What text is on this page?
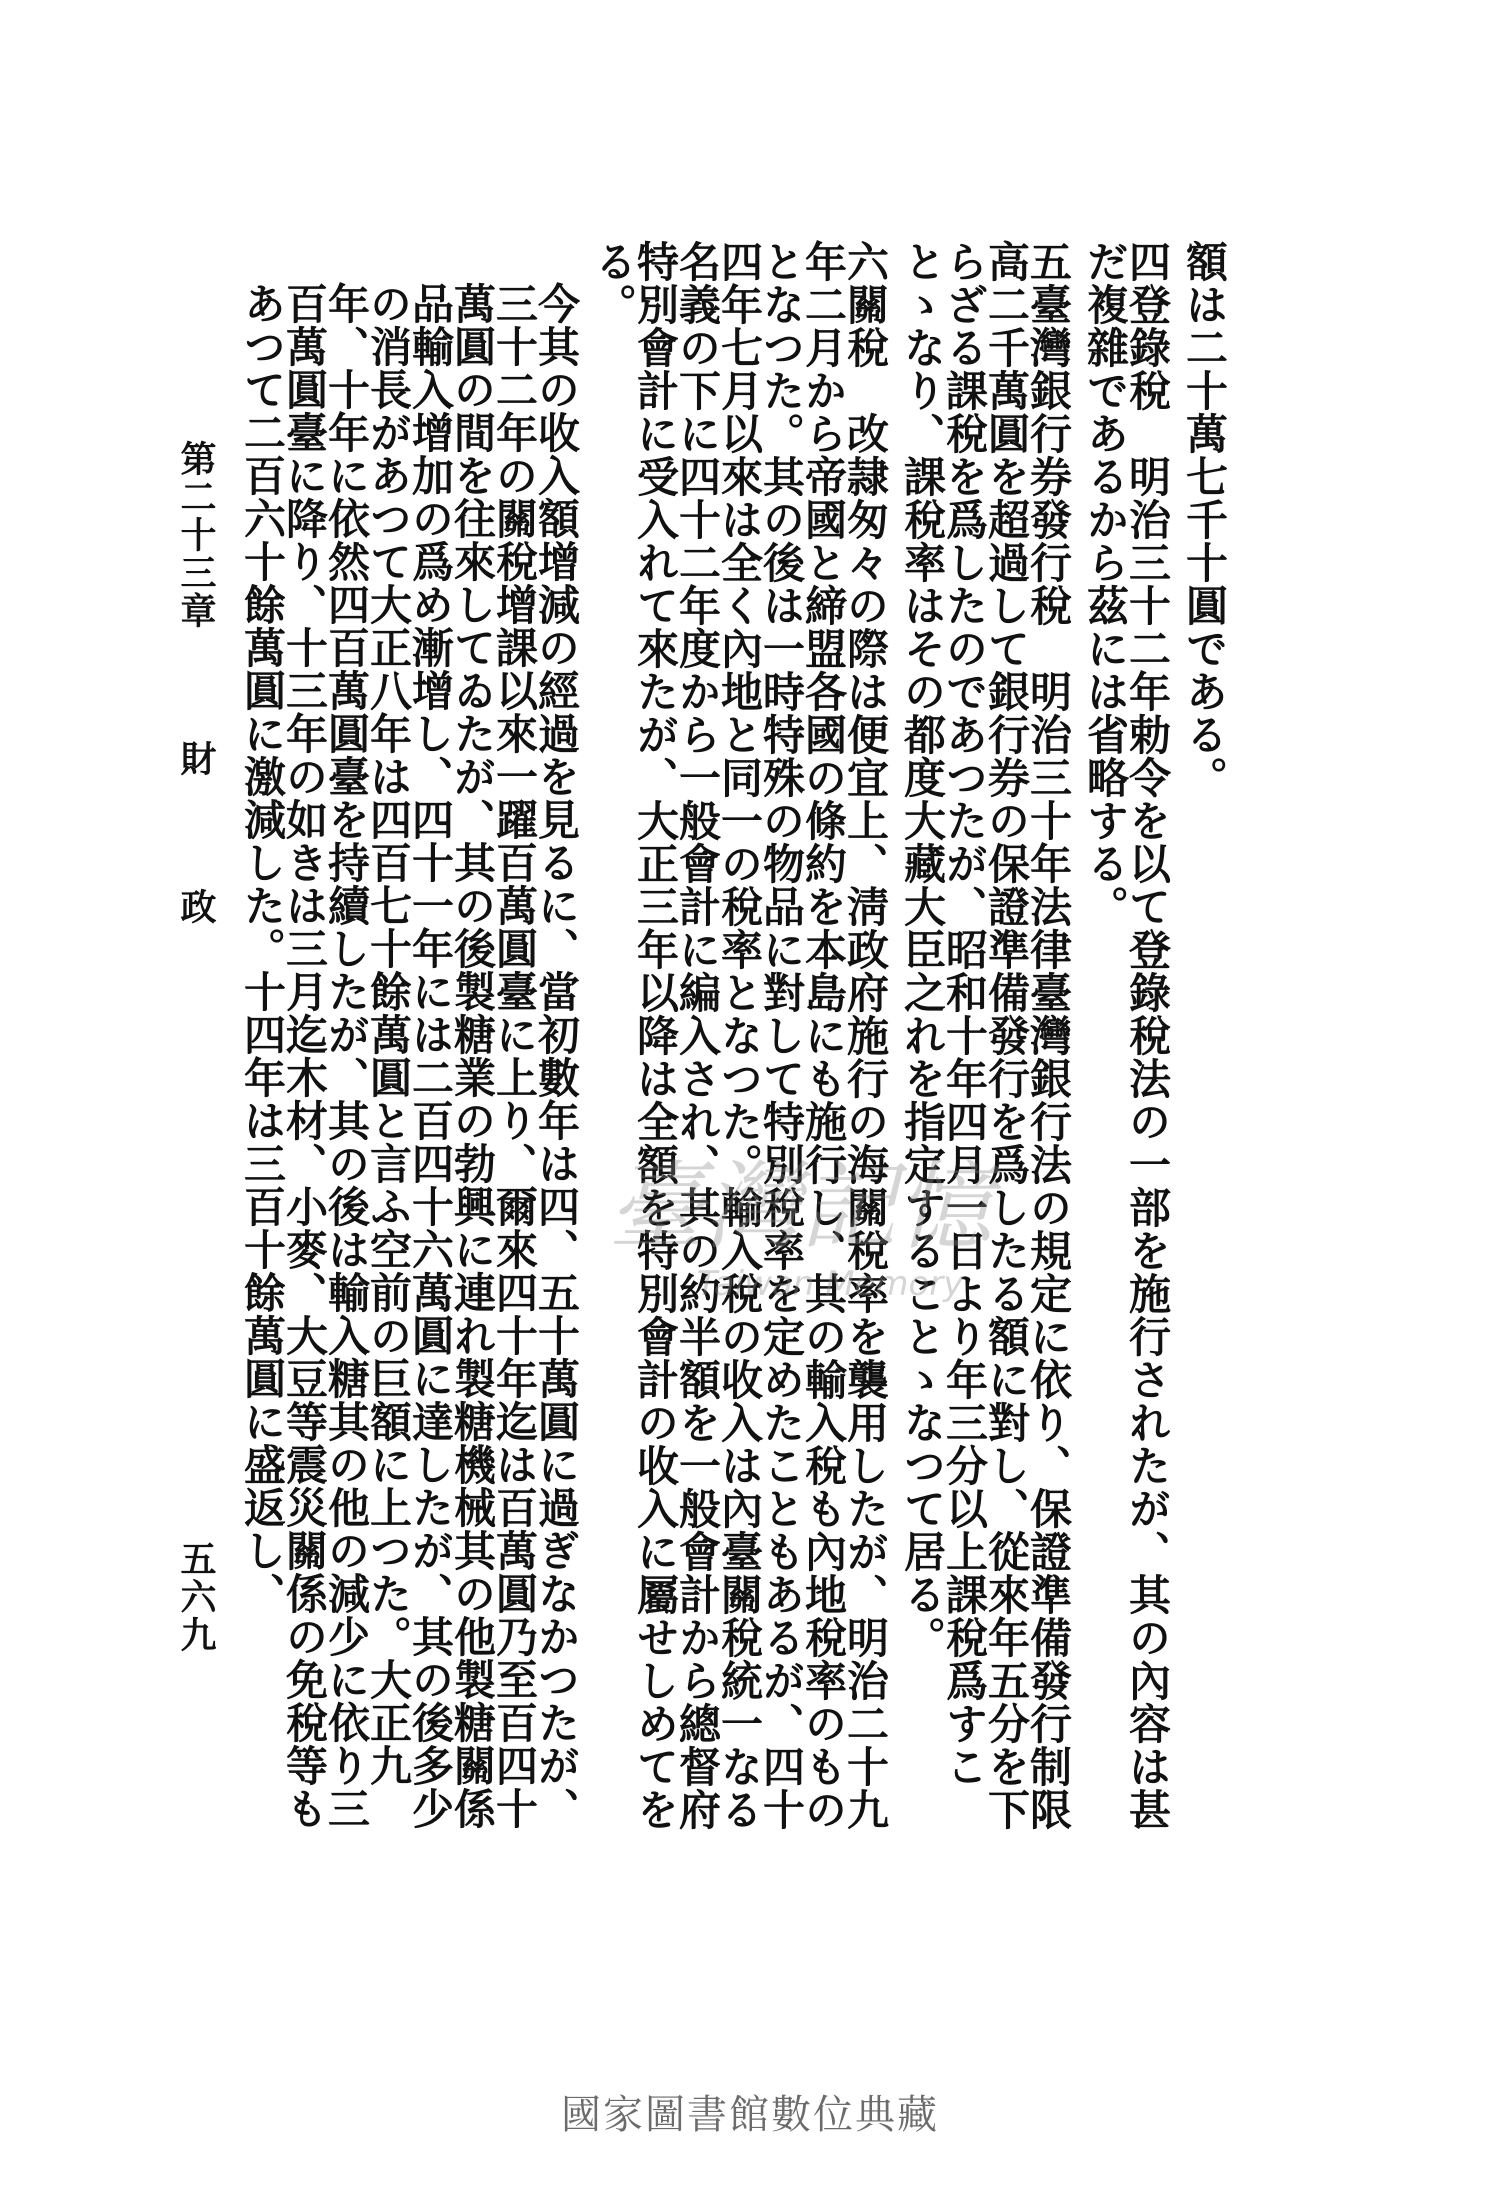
額は二十萬七千十圓である。

四登錄稅　明治三十二年勅令を以て登錄稅法の一部を施行されたが、其の內容は甚だ複雜であるから茲には省略する。

五臺灣銀行券發行稅　明治三十年法律臺灣銀行法の規定に依り、保證準備發行制限高二千萬圓を超過して銀行券の保證準備發行を爲したる額に對し、從來年五分を下らざる課稅を爲したのであつたが、昭和十年四月一日より年三分以上課稅爲すことゝなり、課稅率はその都度大藏大臣之れを指定することゝなつて居る。

六關稅　改隷匆々の際は便宜上、淸政府施行の海關稅率を襲用したが、明治二十九年二月から帝國と締盟各國の條約を本島にも施行し、其の輸入稅も內地稅率のものとなつた。其の後は一時特殊の物品に對して特別稅率を定めたこともあるが、四十四年七月以來は全く內地と同一の稅率となつた。輸入稅の收入は內臺關稅統一なる名義の下に四十二年度から一般會計に編入され、其の約半額を一般會計から總督府特別會計に受入れて來たが、大正三年以降は全額を特別會計の收入に屬せしめてをる。

今其の收入額增減の經過を見るに、當初數年は四、五十萬圓に過ぎなかつたが、三十二年の關稅增課以來一躍百萬圓臺に上り、爾來四十年迄は百萬圓乃至百四十萬圓の間を往來してゐたが、其の後製糖業の勃興に連れ製糖機械其の他製糖關係品輸入增加の爲め漸增し、四十一年には二百四十六萬圓に達したが、其の後多少の消長があつて大正八年は四百七十餘萬圓と言ふ空前の巨額に上つた。大正九年、十年に依然四百萬圓臺を持續したが、其の後は輸入糖其の他の減少に依り三百萬圓臺に降り、十三年の如きは三月迄木材、小麥、大豆等震災關係の免稅等もあつて二百六十餘萬圓に激減した。十四年は三百十餘萬圓に盛返し、

第二十三章財政
五六九
臺灣記憶
Taiwan Memory
國家圖書館數位典藏
